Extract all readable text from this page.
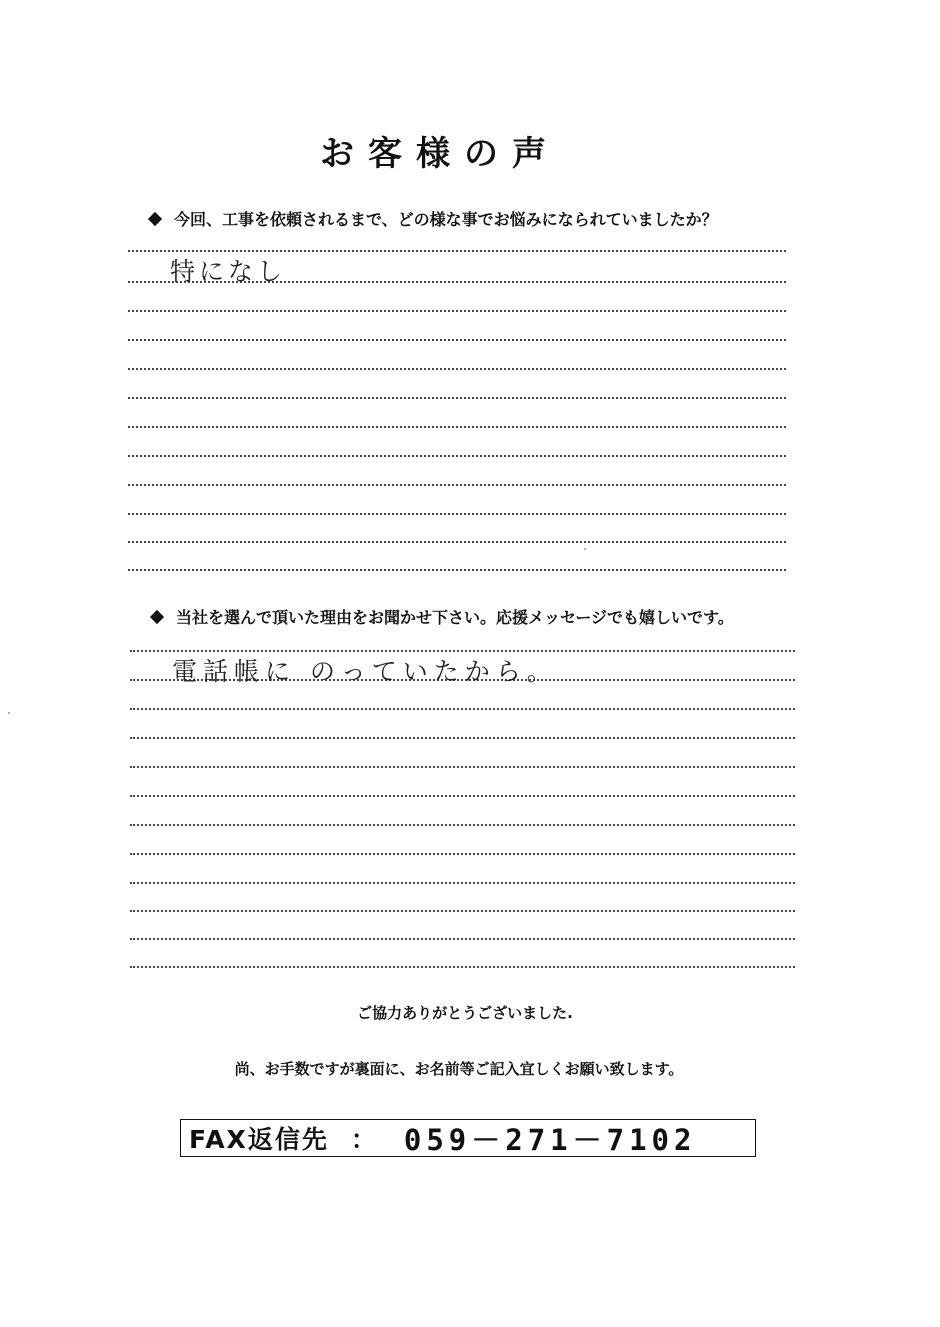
お客様の声
今回、工事を依頼されるまで、どの様な事でお悩みになられていましたか？
特になし
当社を選んで頂いた理由をお聞かせ下さい。応援メッセージでも嬉しいです。
電話帳に のっていたから。
ご協力ありがとうございました.
尚、お手数ですが裏面に、お名前等ご記入宜しくお願い致します。
FAX返信先 ： 059－271－7102
